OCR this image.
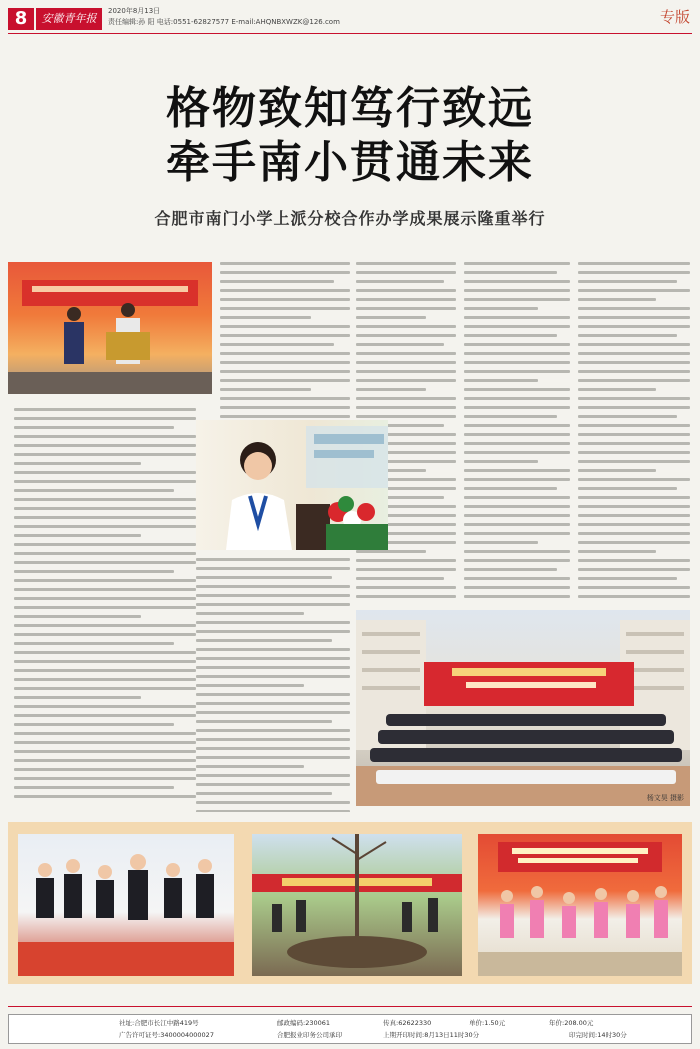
8	安徽青年报
2020年8月13日
责任编辑:孙 阳 电话:0551-62827577 E-mail:AHQNBXWZK@126.com	专版
格物致知笃行致远
牵手南小贯通未来
合肥市南门小学上派分校合作办学成果展示隆重举行
杨文昊 摄影
社址:合肥市长江中路419号	邮政编码:230061	传真:62622330	单价:1.50元	年价:208.00元
广告许可证号:3400004000027	合肥报业印务公司承印	上期开印时间:8月13日11时30分	印完时间:14时30分
